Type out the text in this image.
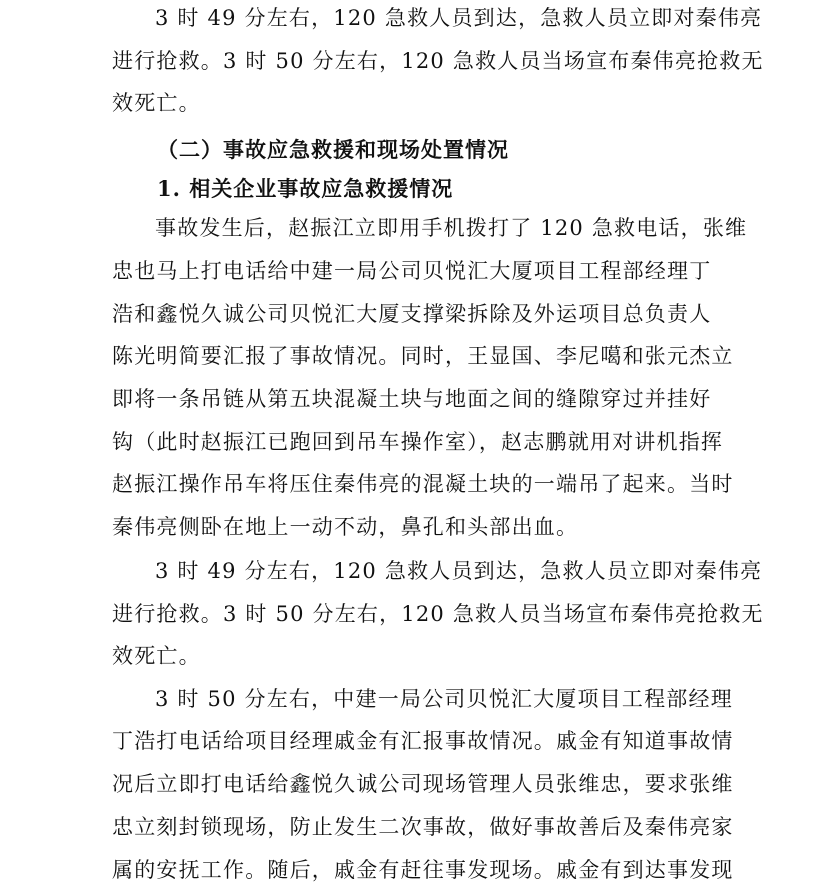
3 时 49 分左右，120 急救人员到达，急救人员立即对秦伟亮
进行抢救。3 时 50 分左右，120 急救人员当场宣布秦伟亮抢救无
效死亡。
（二）事故应急救援和现场处置情况
1. 相关企业事故应急救援情况
事故发生后，赵振江立即用手机拨打了 120 急救电话，张维
忠也马上打电话给中建一局公司贝悦汇大厦项目工程部经理丁
浩和鑫悦久诚公司贝悦汇大厦支撑梁拆除及外运项目总负责人
陈光明简要汇报了事故情况。同时，王显国、李尼噶和张元杰立
即将一条吊链从第五块混凝土块与地面之间的缝隙穿过并挂好
钩（此时赵振江已跑回到吊车操作室），赵志鹏就用对讲机指挥
赵振江操作吊车将压住秦伟亮的混凝土块的一端吊了起来。当时
秦伟亮侧卧在地上一动不动，鼻孔和头部出血。
3 时 49 分左右，120 急救人员到达，急救人员立即对秦伟亮
进行抢救。3 时 50 分左右，120 急救人员当场宣布秦伟亮抢救无
效死亡。
3 时 50 分左右，中建一局公司贝悦汇大厦项目工程部经理
丁浩打电话给项目经理戚金有汇报事故情况。戚金有知道事故情
况后立即打电话给鑫悦久诚公司现场管理人员张维忠，要求张维
忠立刻封锁现场，防止发生二次事故，做好事故善后及秦伟亮家
属的安抚工作。随后，戚金有赶往事发现场。戚金有到达事发现
